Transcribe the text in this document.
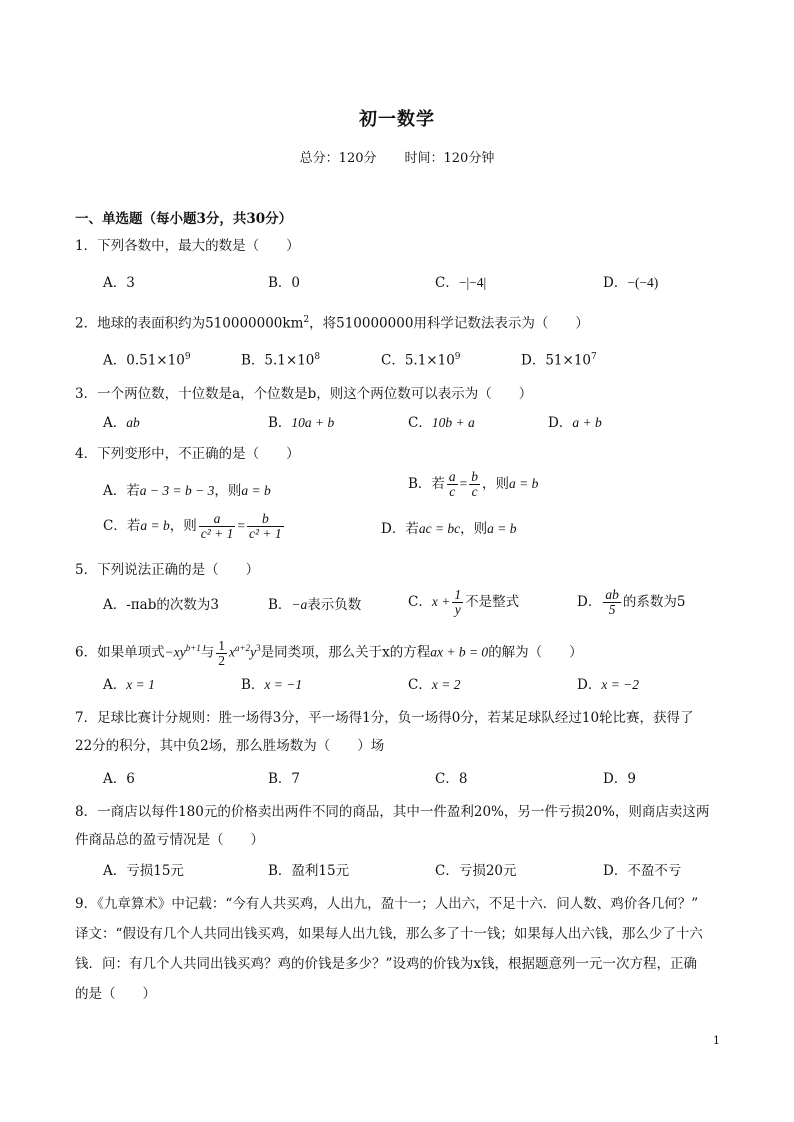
初一数学
总分：120分 时间：120分钟
一、单选题（每小题3分，共30分）
1．下列各数中，最大的数是（　　）
A．3	B．0	C．−|−4|	D．−(−4)
2．地球的表面积约为$510000000km^2$，将510000000用科学记数法表示为（　　）
A．$0.51\times 10^9$	B．$5.1\times 10^8$	C．$5.1\times 10^9$	D．$51\times 10^7$
3．一个两位数，十位数是a，个位数是b，则这个两位数可以表示为（　　）
A．ab	B．10a + b	C．10b + a	D．a + b
4．下列变形中，不正确的是（　　）
A．若a − 3 = b − 3，则a = b	B．若 $\frac{a}{c} = \frac{b}{c}$ ，则a = b
C．若a = b，则 $\frac{a}{\text{c² + 1}} = \frac{b}{\text{c² + 1}}$	D．若ac = bc，则a = b
5．下列说法正确的是（　　）
A．-πab的次数为3	B．−a表示负数	C．$x + \frac{1}{y}$ 不是整式	D． $\frac{ab}{5}$ 的系数为5
6．如果单项式$-xy^{b+1}$与 $\frac{1}{2} x^{a+2}y^3$是同类项，那么关于x的方程ax + b = 0的解为（　　）
A．x = 1	B．x = −1	C．x = 2	D．x = −2
7．足球比赛计分规则：胜一场得3分，平一场得1分，负一场得0分，若某足球队经过10轮比赛，获得了
22分的积分，其中负2场，那么胜场数为（　　）场
A．6	B．7	C．8	D．9
8．一商店以每件180元的价格卖出两件不同的商品，其中一件盈利20%，另一件亏损20%，则商店卖这两
件商品总的盈亏情况是（　　）
A．亏损15元	B．盈利15元	C．亏损20元	D．不盈不亏
9．《九章算术》中记载：“今有人共买鸡，人出九，盈十一；人出六，不足十六．问人数、鸡价各几何？”
译文：“假设有几个人共同出钱买鸡，如果每人出九钱，那么多了十一钱；如果每人出六钱，那么少了十六
钱．问：有几个人共同出钱买鸡？鸡的价钱是多少？”设鸡的价钱为x钱，根据题意列一元一次方程，正确
的是（　　）
1
